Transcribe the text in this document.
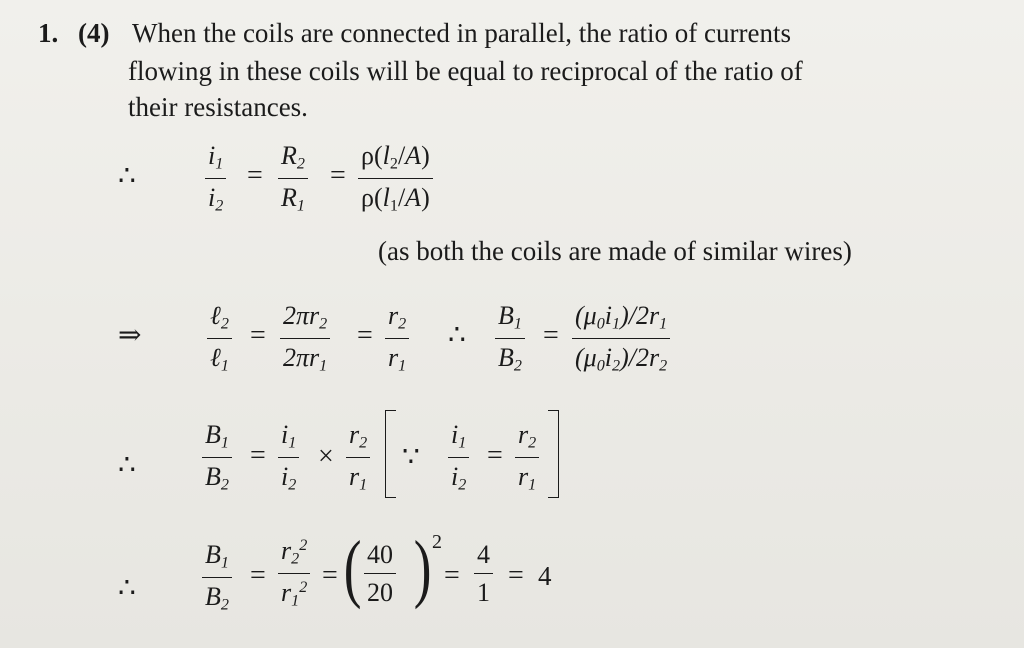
1. (4) When the coils are connected in parallel, the ratio of currents
flowing in these coils will be equal to reciprocal of the ratio of
their resistances.
∴	$\frac{i_1}{i_2} = \frac{R_2}{R_1} = \frac{\rho(l_2/A)}{\rho(l_1/A)}$
(as both the coils are made of similar wires)
⇒
ℓ$_2$
ℓ$_1$
= $\frac{2\pi r_2}{2\pi r_1} = \frac{r_2}{r_1}$ ∴ $\frac{B_1}{B_2} = \frac{(\mu_0i_1)/2r_1}{(\mu_0i_2)/2r_2}$
∴	$\frac{B_1}{B_2} = \frac{i_1}{i_2} \times \frac{r_2}{r_1}$ ∵ $\frac{i_1}{i_2} = \frac{r_2}{r_1}$
∴	$\frac{B_1}{B_2} = \frac{r_2^2}{r_1^2}$ = ( $\frac{40}{20}$ ) 2
= $\frac{4}{1} = 4$
